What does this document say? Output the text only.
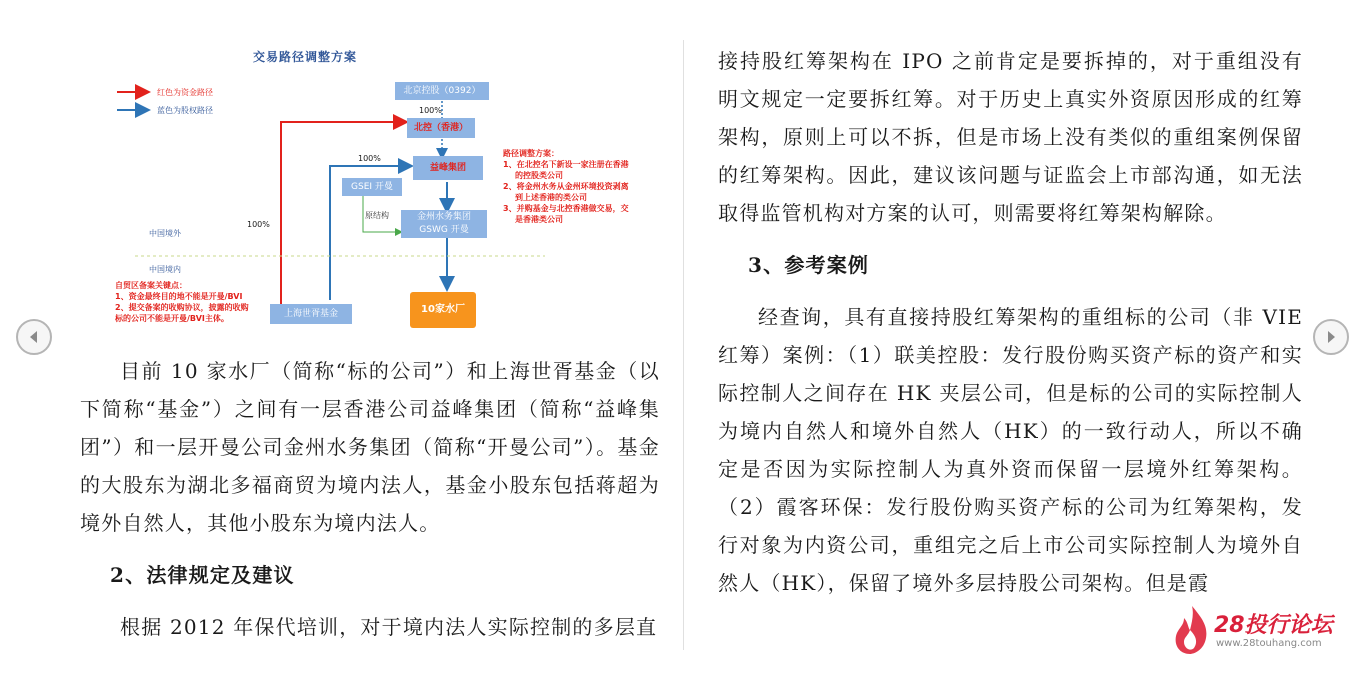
交易路径调整方案
红色为资金路径
蓝色为股权路径
北京控股（0392）
100%
北控（香港）
益峰集团
100%
GSEI 开曼
原结构	金州水务集团
GSWG 开曼
100%
中国境外
中国境内
路径调整方案：
1、在北控名下新设一家注册在香港
的控股类公司
2、将金州水务从金州环境投资剥离
到上述香港的类公司
3、并购基金与北控香港做交易，交
是香港类公司
自贸区备案关键点：
1、资金最终目的地不能是开曼/BVI
2、提交备案的收购协议，披露的收购
标的公司不能是开曼/BVI主体。	上海世胥基金	10家水厂

目前 10 家水厂（简称“标的公司”）和上海世胥基金（以下简称“基金”）之间有一层香港公司益峰集团（简称“益峰集团”）和一层开曼公司金州水务集团（简称“开曼公司”）。基金的大股东为湖北多福商贸为境内法人，基金小股东包括蒋超为境外自然人，其他小股东为境内法人。

2、法律规定及建议

根据 2012 年保代培训，对于境内法人实际控制的多层直

接持股红筹架构在 IPO 之前肯定是要拆掉的，对于重组没有明文规定一定要拆红筹。对于历史上真实外资原因形成的红筹架构，原则上可以不拆，但是市场上没有类似的重组案例保留的红筹架构。因此，建议该问题与证监会上市部沟通，如无法取得监管机构对方案的认可，则需要将红筹架构解除。

3、参考案例

经查询，具有直接持股红筹架构的重组标的公司（非 VIE 红筹）案例：（1）联美控股：发行股份购买资产标的资产和实际控制人之间存在 HK 夹层公司，但是标的公司的实际控制人为境内自然人和境外自然人（HK）的一致行动人，所以不确定是否因为实际控制人为真外资而保留一层境外红筹架构。（2）霞客环保：发行股份购买资产标的公司为红筹架构，发行对象为内资公司，重组完之后上市公司实际控制人为境外自然人（HK），保留了境外多层持股公司架构。但是霞

28投行论坛
www.28touhang.com
